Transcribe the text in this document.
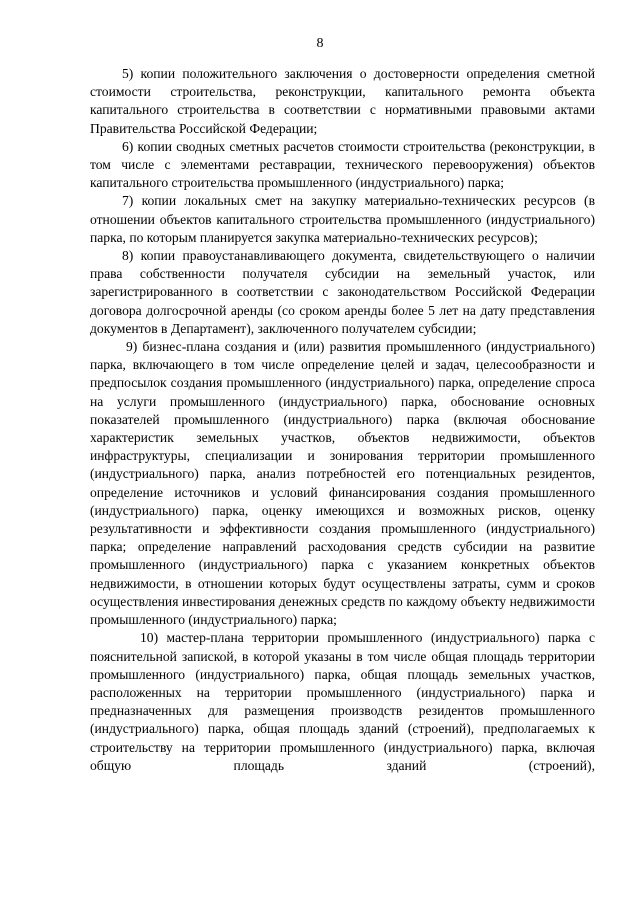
8

5) копии положительного заключения о достоверности определения сметной стоимости строительства, реконструкции, капитального ремонта объекта капитального строительства в соответствии с нормативными правовыми актами Правительства Российской Федерации;

6) копии сводных сметных расчетов стоимости строительства (реконструкции, в том числе с элементами реставрации, технического перевооружения) объектов капитального строительства промышленного (индустриального) парка;

7) копии локальных смет на закупку материально-технических ресурсов (в отношении объектов капитального строительства промышленного (индустриального) парка, по которым планируется закупка материально-технических ресурсов);

8) копии правоустанавливающего документа, свидетельствующего о наличии права собственности получателя субсидии на земельный участок, или зарегистрированного в соответствии с законодательством Российской Федерации договора долгосрочной аренды (со сроком аренды более 5 лет на дату представления документов в Департамент), заключенного получателем субсидии;

9) бизнес-плана создания и (или) развития промышленного (индустриального) парка, включающего в том числе определение целей и задач, целесообразности и предпосылок создания промышленного (индустриального) парка, определение спроса на услуги промышленного (индустриального) парка, обоснование основных показателей промышленного (индустриального) парка (включая обоснование характеристик земельных участков, объектов недвижимости, объектов инфраструктуры, специализации и зонирования территории промышленного (индустриального) парка, анализ потребностей его потенциальных резидентов, определение источников и условий финансирования создания промышленного (индустриального) парка, оценку имеющихся и возможных рисков, оценку результативности и эффективности создания промышленного (индустриального) парка; определение направлений расходования средств субсидии на развитие промышленного (индустриального) парка с указанием конкретных объектов недвижимости, в отношении которых будут осуществлены затраты, сумм и сроков осуществления инвестирования денежных средств по каждому объекту недвижимости промышленного (индустриального) парка;

10) мастер-плана территории промышленного (индустриального) парка с пояснительной запиской, в которой указаны в том числе общая площадь территории промышленного (индустриального) парка, общая площадь земельных участков, расположенных на территории промышленного (индустриального) парка и предназначенных для размещения производств резидентов промышленного (индустриального) парка, общая площадь зданий (строений), предполагаемых к строительству на территории промышленного (индустриального) парка, включая общую площадь зданий (строений),
